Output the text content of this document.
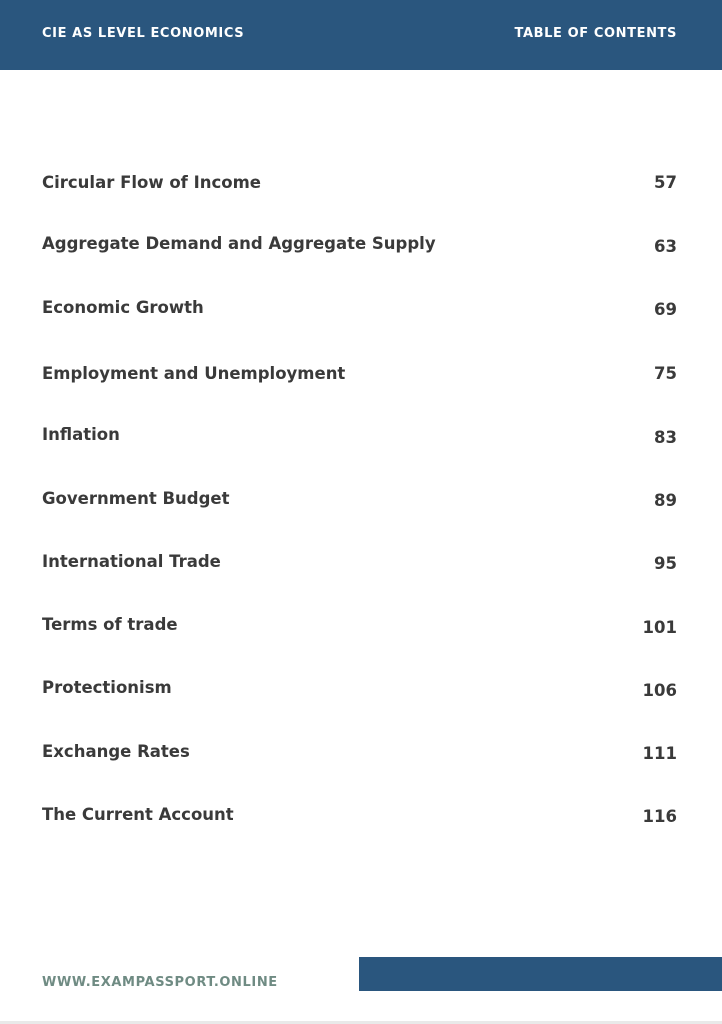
CIE AS LEVEL ECONOMICS	TABLE OF CONTENTS
Circular Flow of Income	57
Aggregate Demand and Aggregate Supply	63
Economic Growth	69
Employment and Unemployment	75
Inflation	83
Government Budget	89
International Trade	95
Terms of trade	101
Protectionism	106
Exchange Rates	111
The Current Account	116
WWW.EXAMPASSPORT.ONLINE
